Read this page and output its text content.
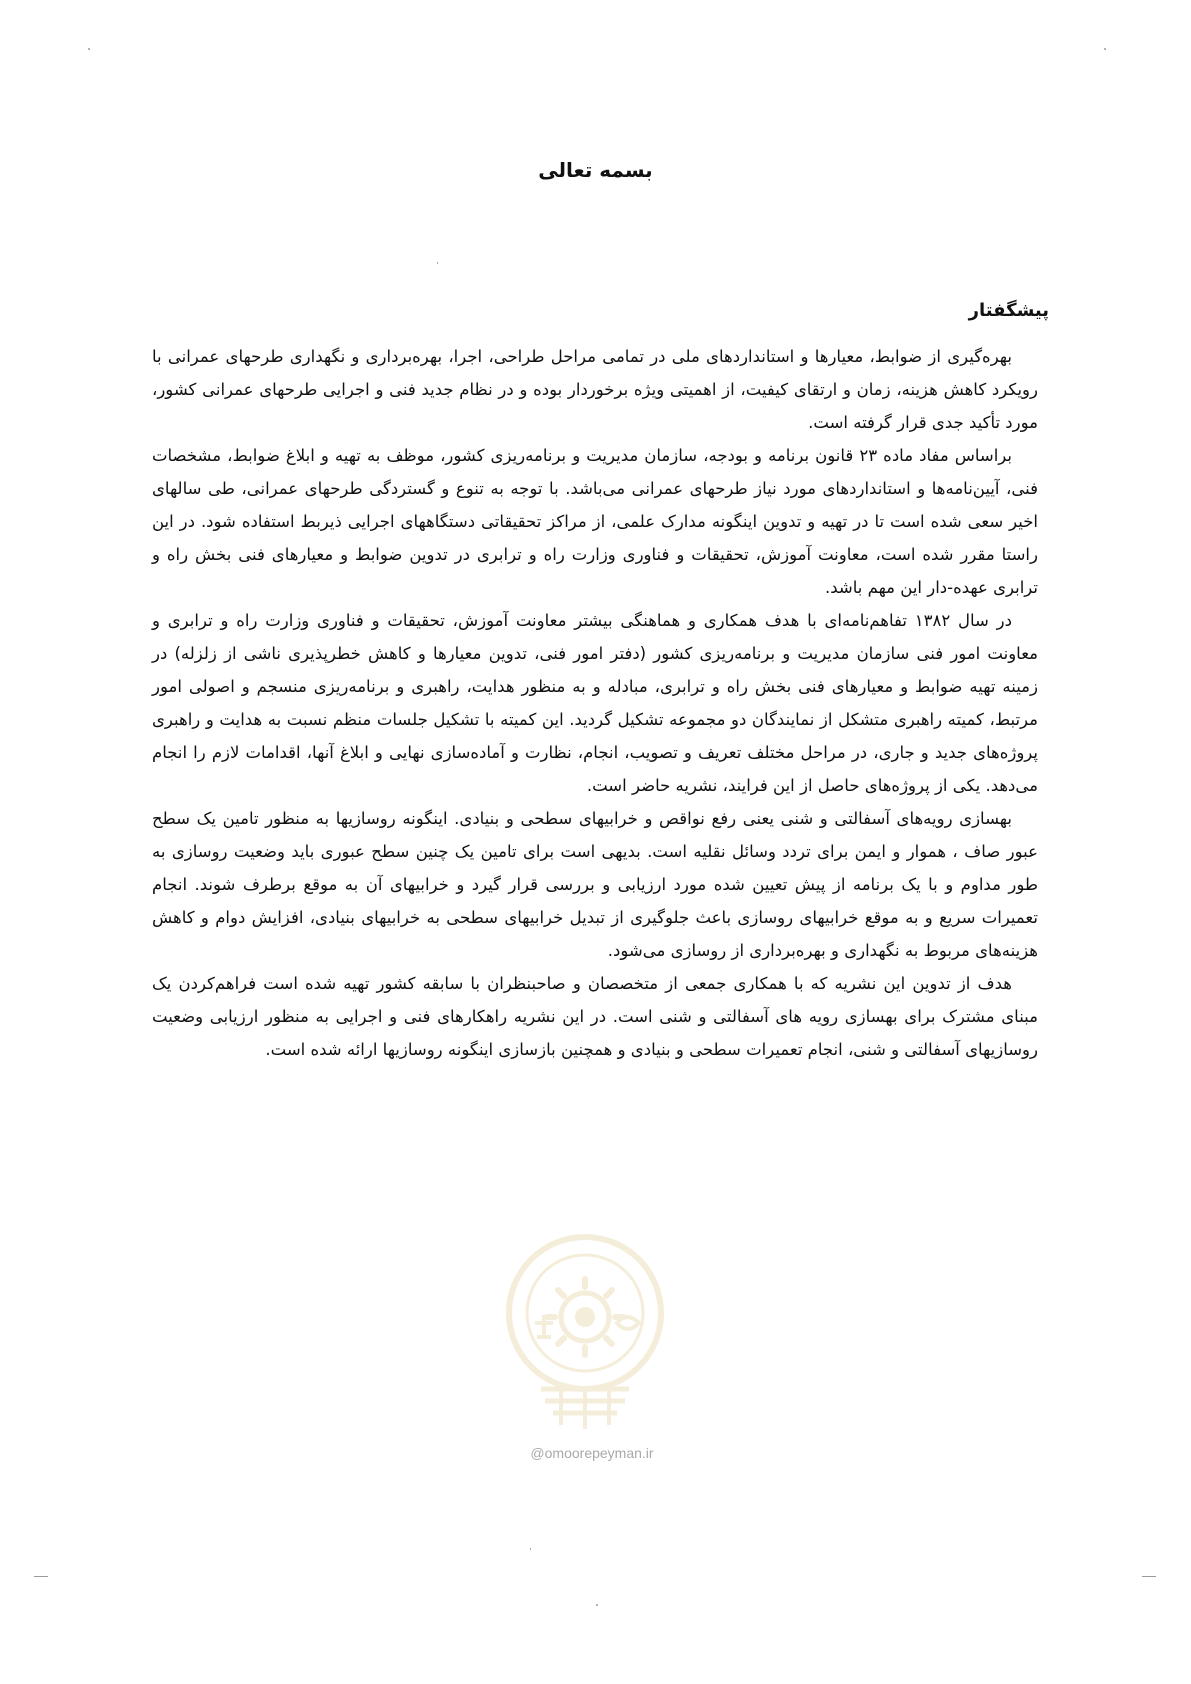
بسمه تعالی
پیشگفتار

بهره‌گیری از ضوابط، معیارها و استانداردهای ملی در تمامی مراحل طراحی، اجرا، بهره‌برداری و نگهداری طرحهای عمرانی با رویکرد کاهش هزینه، زمان و ارتقای کیفیت، از اهمیتی ویژه برخوردار بوده و در نظام جدید فنی و اجرایی طرحهای عمرانی کشور، مورد تأکید جدی قرار گرفته است.

براساس مفاد ماده ۲۳ قانون برنامه و بودجه، سازمان مدیریت و برنامه‌ریزی کشور، موظف به تهیه و ابلاغ ضوابط، مشخصات فنی، آیین‌نامه‌ها و استانداردهای مورد نیاز طرحهای عمرانی می‌باشد. با توجه به تنوع و گستردگی طرحهای عمرانی، طی سالهای اخیر سعی شده است تا در تهیه و تدوین اینگونه مدارک علمی، از مراکز تحقیقاتی دستگاههای اجرایی ذیربط استفاده شود. در این راستا مقرر شده است، معاونت آموزش، تحقیقات و فناوری وزارت راه و ترابری در تدوین ضوابط و معیارهای فنی بخش راه و ترابری عهده-دار این مهم باشد.

در سال ۱۳۸۲ تفاهم‌نامه‌ای با هدف همکاری و هماهنگی بیشتر معاونت آموزش، تحقیقات و فناوری وزارت راه و ترابری و معاونت امور فنی سازمان مدیریت و برنامه‌ریزی کشور (دفتر امور فنی، تدوین معیارها و کاهش خطرپذیری ناشی از زلزله) در زمینه تهیه ضوابط و معیارهای فنی بخش راه و ترابری، مبادله و به منظور هدایت، راهبری و برنامه‌ریزی منسجم و اصولی امور مرتبط، کمیته راهبری متشکل از نمایندگان دو مجموعه تشکیل گردید. این کمیته با تشکیل جلسات منظم نسبت به هدایت و راهبری پروژه‌های جدید و جاری، در مراحل مختلف تعریف و تصویب، انجام، نظارت و آماده‌سازی نهایی و ابلاغ آنها، اقدامات لازم را انجام می‌دهد. یکی از پروژه‌های حاصل از این فرایند، نشریه حاضر است.

بهسازی رویه‌های آسفالتی و شنی یعنی رفع نواقص و خرابیهای سطحی و بنیادی. اینگونه روسازیها به منظور تامین یک سطح عبور صاف ، هموار و ایمن برای تردد وسائل نقلیه است. بدیهی است برای تامین یک چنین سطح عبوری باید وضعیت روسازی به طور مداوم و با یک برنامه از پیش تعیین شده مورد ارزیابی و بررسی قرار گیرد و خرابیهای آن به موقع برطرف شوند. انجام تعمیرات سریع و به موقع خرابیهای روسازی باعث جلوگیری از تبدیل خرابیهای سطحی به خرابیهای بنیادی، افزایش دوام و کاهش هزینه‌های مربوط به نگهداری و بهره‌برداری از روسازی می‌شود.

هدف از تدوین این نشریه که با همکاری جمعی از متخصصان و صاحبنظران با سابقه کشور تهیه شده است فراهم‌کردن یک مبنای مشترک برای بهسازی رویه های آسفالتی و شنی است. در این نشریه راهکارهای فنی و اجرایی به منظور ارزیابی وضعیت روسازیهای آسفالتی و شنی، انجام تعمیرات سطحی و بنیادی و همچنین بازسازی اینگونه روسازیها ارائه شده است.

@omoorepeyman.ir
